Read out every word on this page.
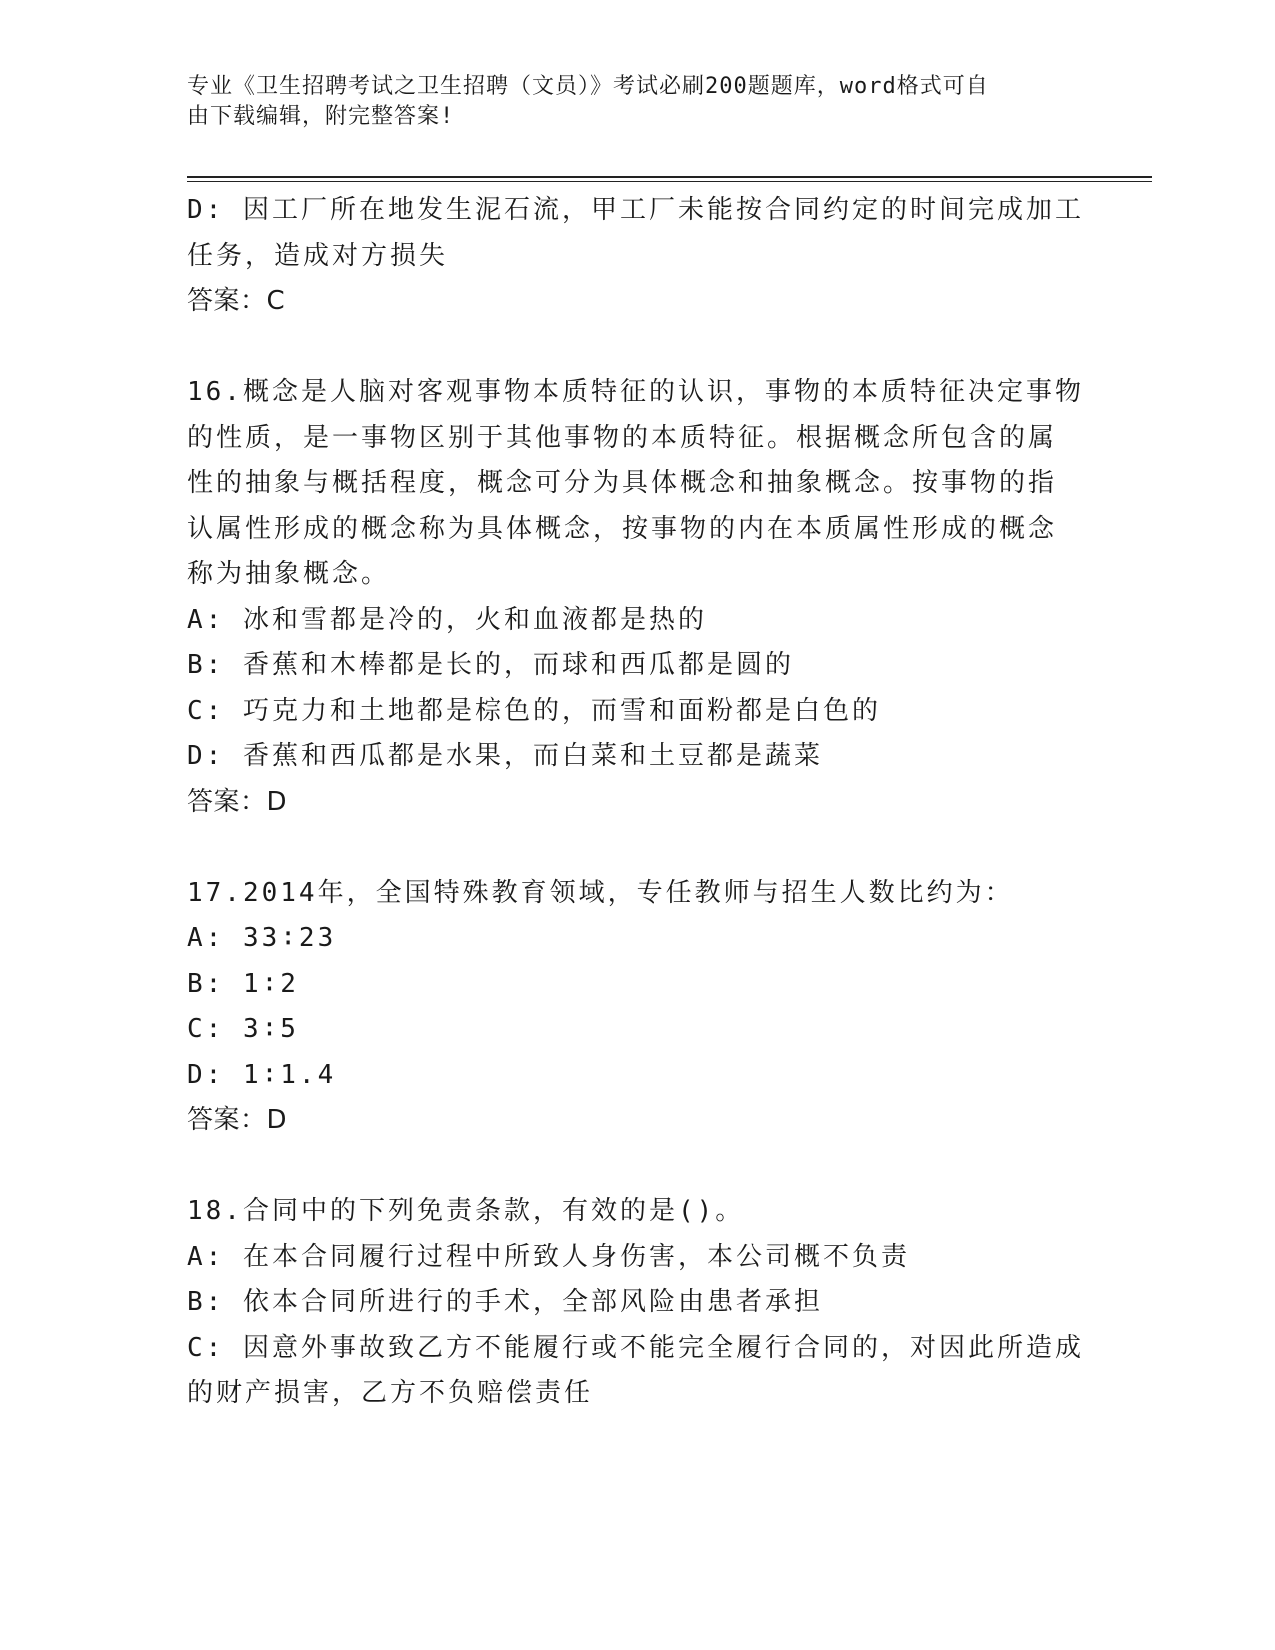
专业《卫生招聘考试之卫生招聘（文员）》考试必刷200题题库，word格式可自
由下载编辑，附完整答案!
D: 因工厂所在地发生泥石流，甲工厂未能按合同约定的时间完成加工
任务，造成对方损失
答案：C
16.概念是人脑对客观事物本质特征的认识，事物的本质特征决定事物
的性质，是一事物区别于其他事物的本质特征。根据概念所包含的属
性的抽象与概括程度，概念可分为具体概念和抽象概念。按事物的指
认属性形成的概念称为具体概念，按事物的内在本质属性形成的概念
称为抽象概念。
A: 冰和雪都是冷的，火和血液都是热的
B: 香蕉和木棒都是长的，而球和西瓜都是圆的
C: 巧克力和土地都是棕色的，而雪和面粉都是白色的
D: 香蕉和西瓜都是水果，而白菜和土豆都是蔬菜
答案：D
17.2014年，全国特殊教育领域，专任教师与招生人数比约为：
A: 33∶23
B: 1∶2
C: 3∶5
D: 1∶1.4
答案：D
18.合同中的下列免责条款，有效的是()。
A: 在本合同履行过程中所致人身伤害，本公司概不负责
B: 依本合同所进行的手术，全部风险由患者承担
C: 因意外事故致乙方不能履行或不能完全履行合同的，对因此所造成
的财产损害，乙方不负赔偿责任
